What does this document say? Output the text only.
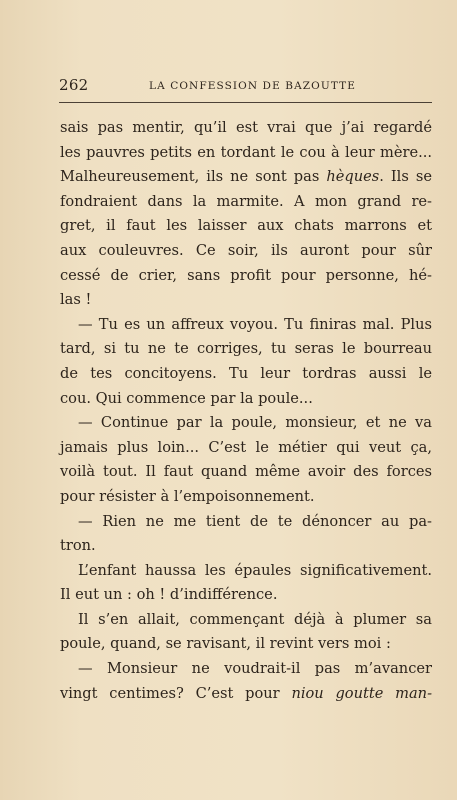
262	LA CONFESSION DE BAZOUTTE
sais pas mentir, qu’il est vrai que j’ai regardé
les pauvres petits en tordant le cou à leur mère...
Malheureusement, ils ne sont pas hèques. Ils se
fondraient dans la marmite. A mon grand re-
gret, il faut les laisser aux chats marrons et
aux couleuvres. Ce soir, ils auront pour sûr
cessé de crier, sans profit pour personne, hé-
las !
— Tu es un affreux voyou. Tu finiras mal. Plus
tard, si tu ne te corriges, tu seras le bourreau
de tes concitoyens. Tu leur tordras aussi le
cou. Qui commence par la poule...
— Continue par la poule, monsieur, et ne va
jamais plus loin... C’est le métier qui veut ça,
voilà tout. Il faut quand même avoir des forces
pour résister à l’empoisonnement.
— Rien ne me tient de te dénoncer au pa-
tron.
L’enfant haussa les épaules significativement.
Il eut un : oh ! d’indifférence.
Il s’en allait, commençant déjà à plumer sa
poule, quand, se ravisant, il revint vers moi :
— Monsieur ne voudrait-il pas m’avancer
vingt centimes? C’est pour niou goutte man-
